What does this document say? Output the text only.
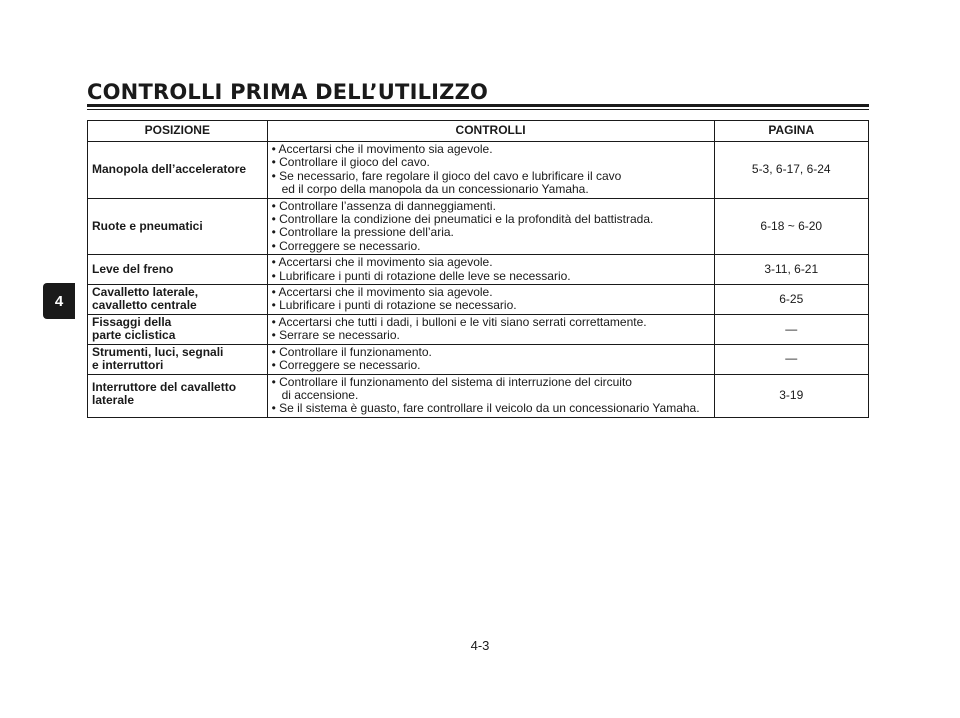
CONTROLLI PRIMA DELL’UTILIZZO
4
POSIZIONE	CONTROLLI	PAGINA

Manopola dell’acceleratore	• Accertarsi che il movimento sia agevole.
• Controllare il gioco del cavo.
• Se necessario, fare regolare il gioco del cavo e lubrificare il cavo
ed il corpo della manopola da un concessionario Yamaha.	5-3, 6-17, 6-24

Ruote e pneumatici	• Controllare l’assenza di danneggiamenti.
• Controllare la condizione dei pneumatici e la profondità del battistrada.
• Controllare la pressione dell’aria.
• Correggere se necessario.	6-18 ~ 6-20

Leve del freno	• Accertarsi che il movimento sia agevole.
• Lubrificare i punti di rotazione delle leve se necessario.	3-11, 6-21

Cavalletto laterale,
cavalletto centrale	• Accertarsi che il movimento sia agevole.
• Lubrificare i punti di rotazione se necessario.	6-25

Fissaggi della
parte ciclistica	• Accertarsi che tutti i dadi, i bulloni e le viti siano serrati correttamente.
• Serrare se necessario.	—

Strumenti, luci, segnali
e interruttori	• Controllare il funzionamento.
• Correggere se necessario.	—

Interruttore del cavalletto
laterale	• Controllare il funzionamento del sistema di interruzione del circuito
di accensione.
• Se il sistema è guasto, fare controllare il veicolo da un concessionario Yamaha.	3-19
4-3
